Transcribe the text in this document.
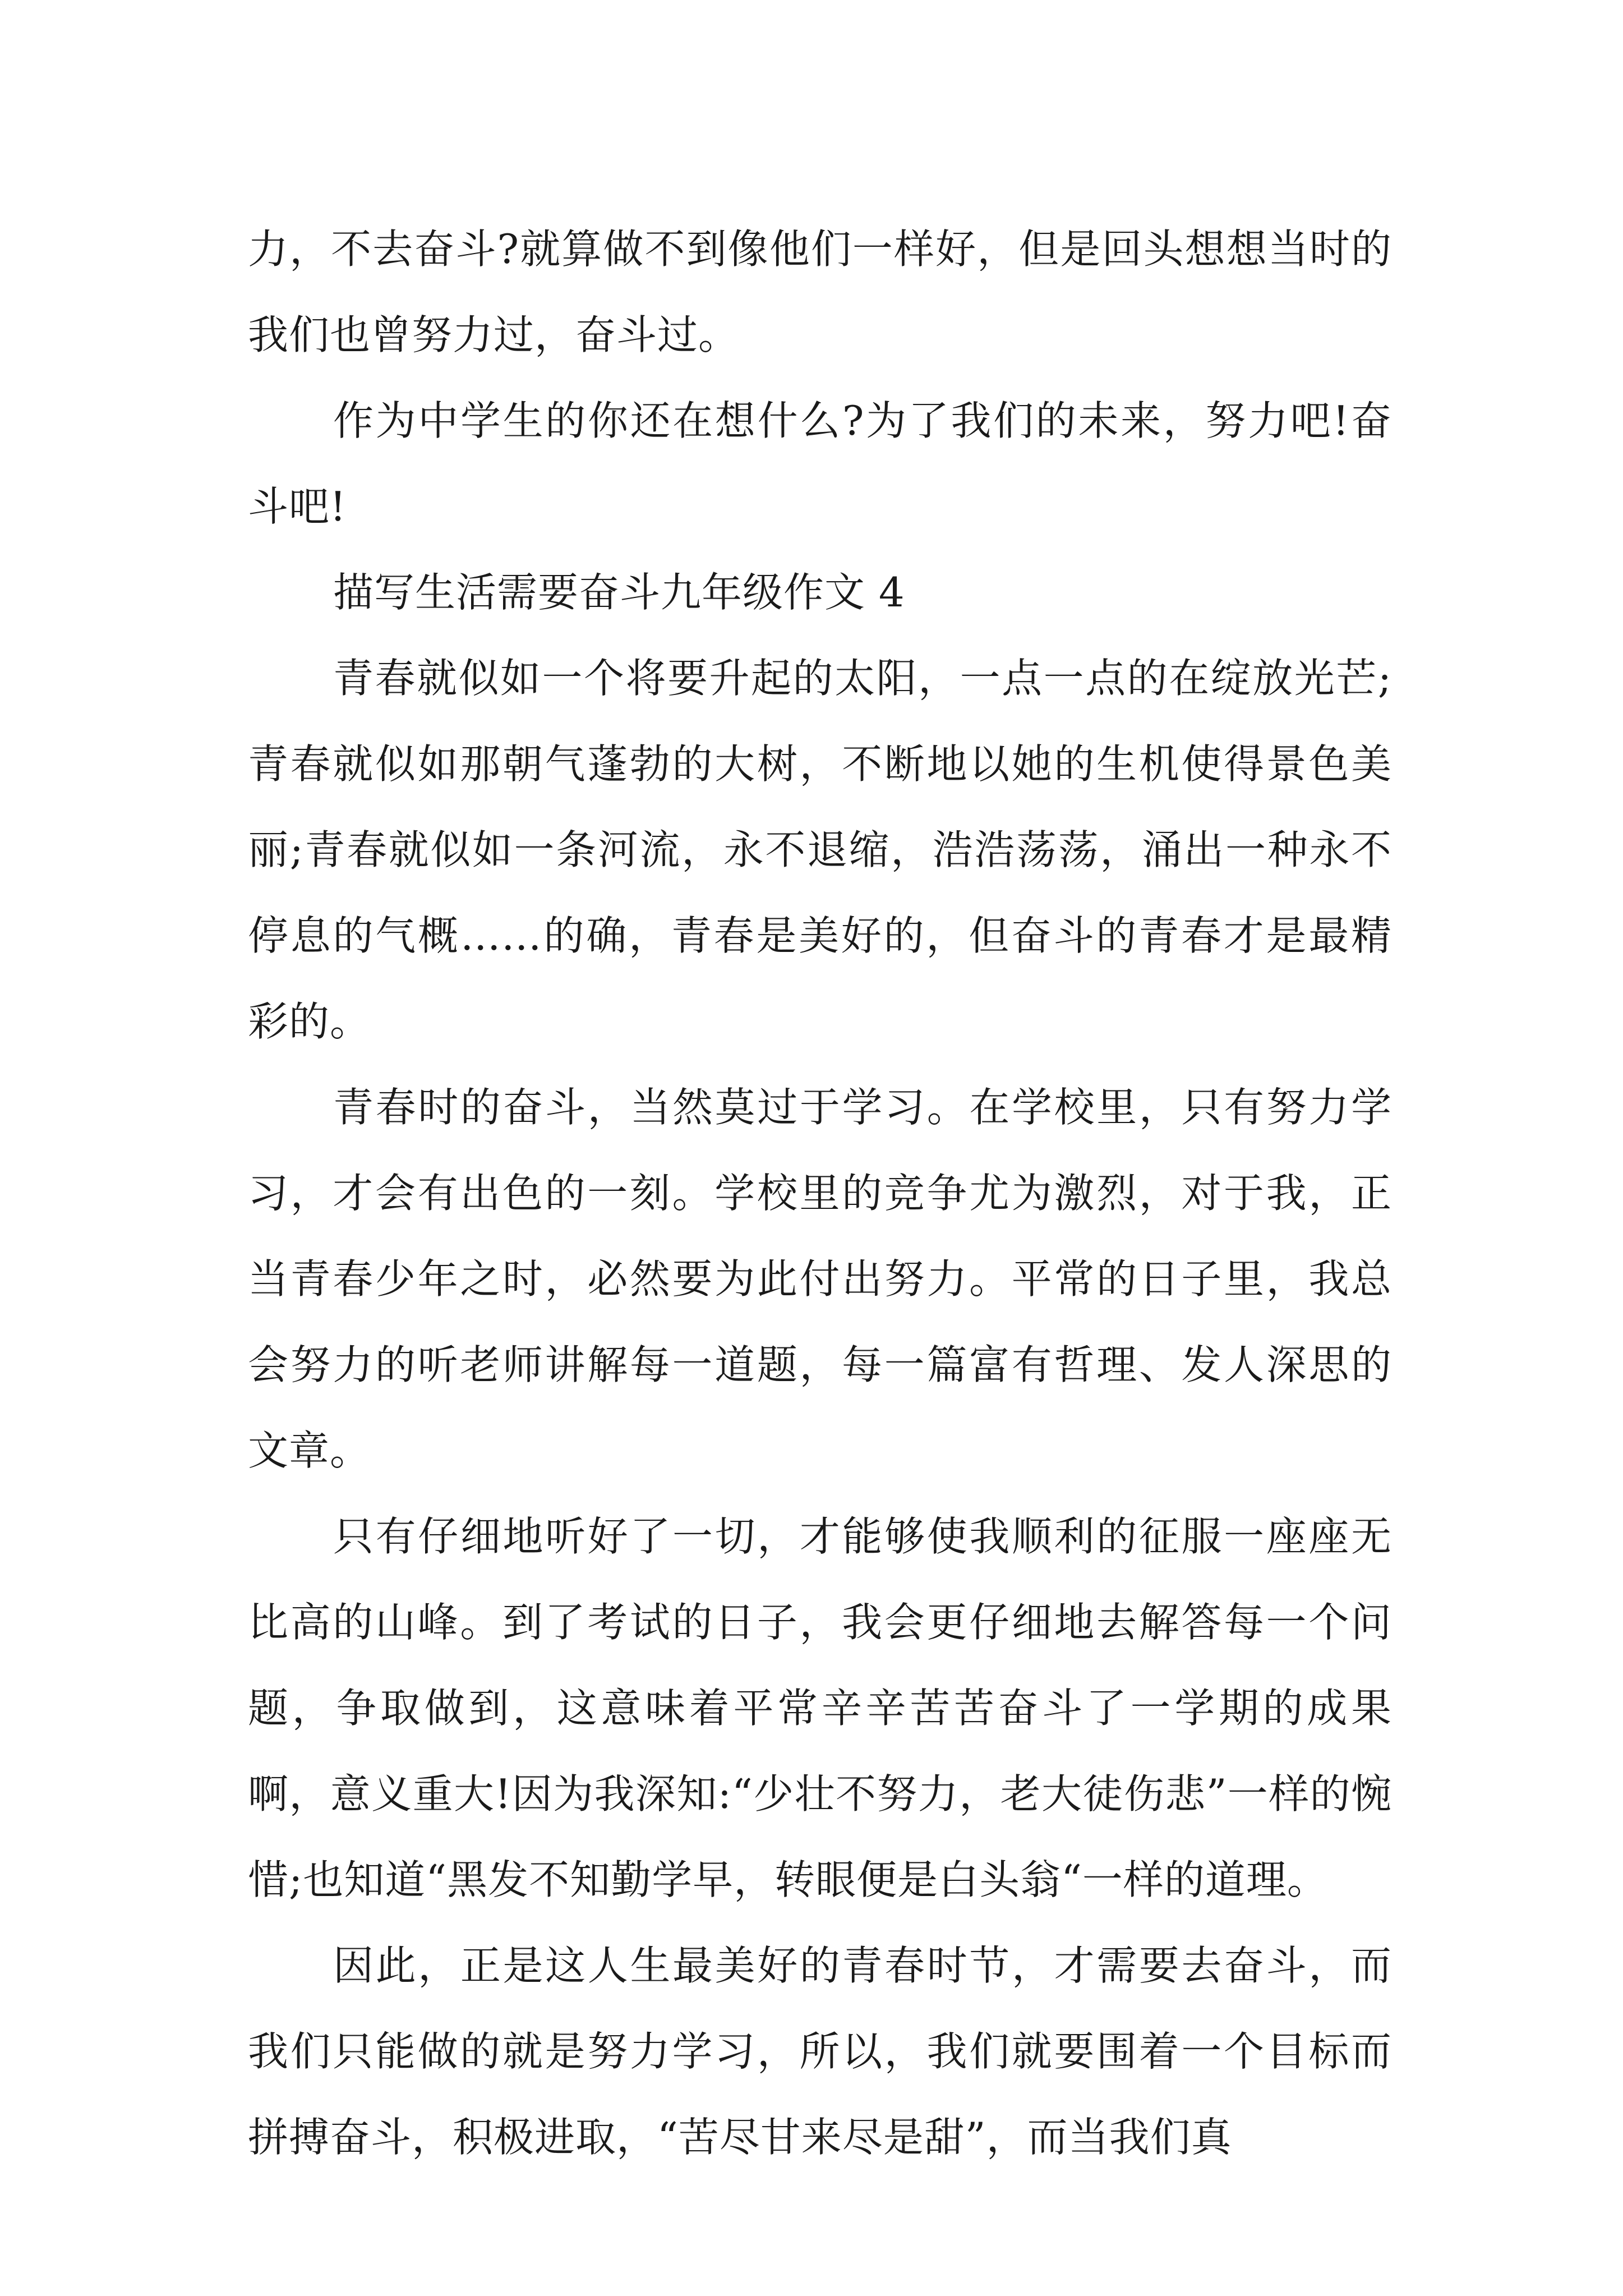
力，不去奋斗?就算做不到像他们一样好，但是回头想想当时的我们也曾努力过，奋斗过。

作为中学生的你还在想什么?为了我们的未来，努力吧!奋斗吧!

描写生活需要奋斗九年级作文 4

青春就似如一个将要升起的太阳，一点一点的在绽放光芒;青春就似如那朝气蓬勃的大树，不断地以她的生机使得景色美丽;青春就似如一条河流，永不退缩，浩浩荡荡，涌出一种永不停息的气概……的确，青春是美好的，但奋斗的青春才是最精彩的。

青春时的奋斗，当然莫过于学习。在学校里，只有努力学习，才会有出色的一刻。学校里的竞争尤为激烈，对于我，正当青春少年之时，必然要为此付出努力。平常的日子里，我总会努力的听老师讲解每一道题，每一篇富有哲理、发人深思的文章。

只有仔细地听好了一切，才能够使我顺利的征服一座座无比高的山峰。到了考试的日子，我会更仔细地去解答每一个问题，争取做到，这意味着平常辛辛苦苦奋斗了一学期的成果啊，意义重大!因为我深知:“少壮不努力，老大徒伤悲”一样的惋惜;也知道“黑发不知勤学早，转眼便是白头翁“一样的道理。

因此，正是这人生最美好的青春时节，才需要去奋斗，而我们只能做的就是努力学习，所以，我们就要围着一个目标而拼搏奋斗，积极进取，“苦尽甘来尽是甜”，而当我们真
